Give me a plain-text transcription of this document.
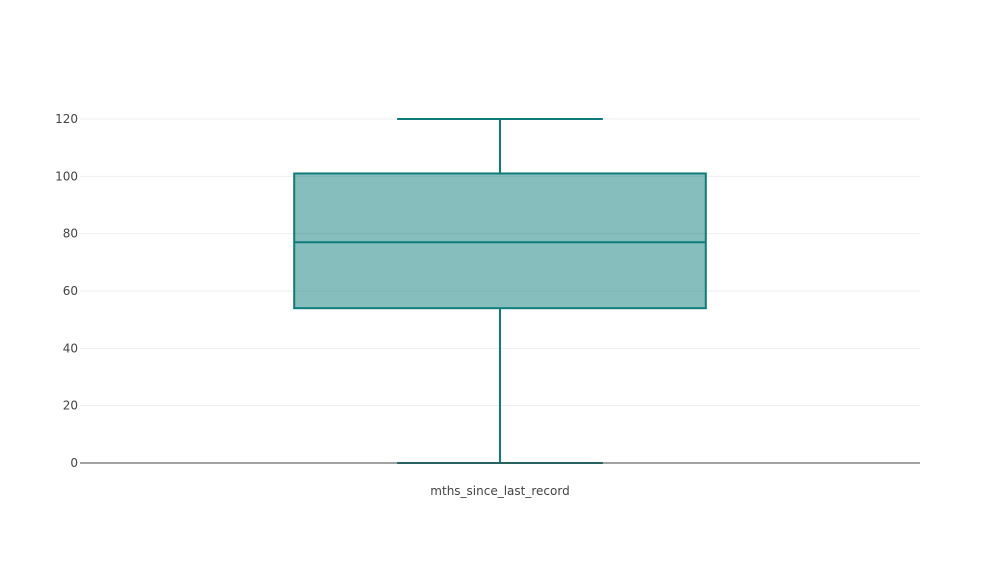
0
20
40
60
80
100
120
mths_since_last_record
